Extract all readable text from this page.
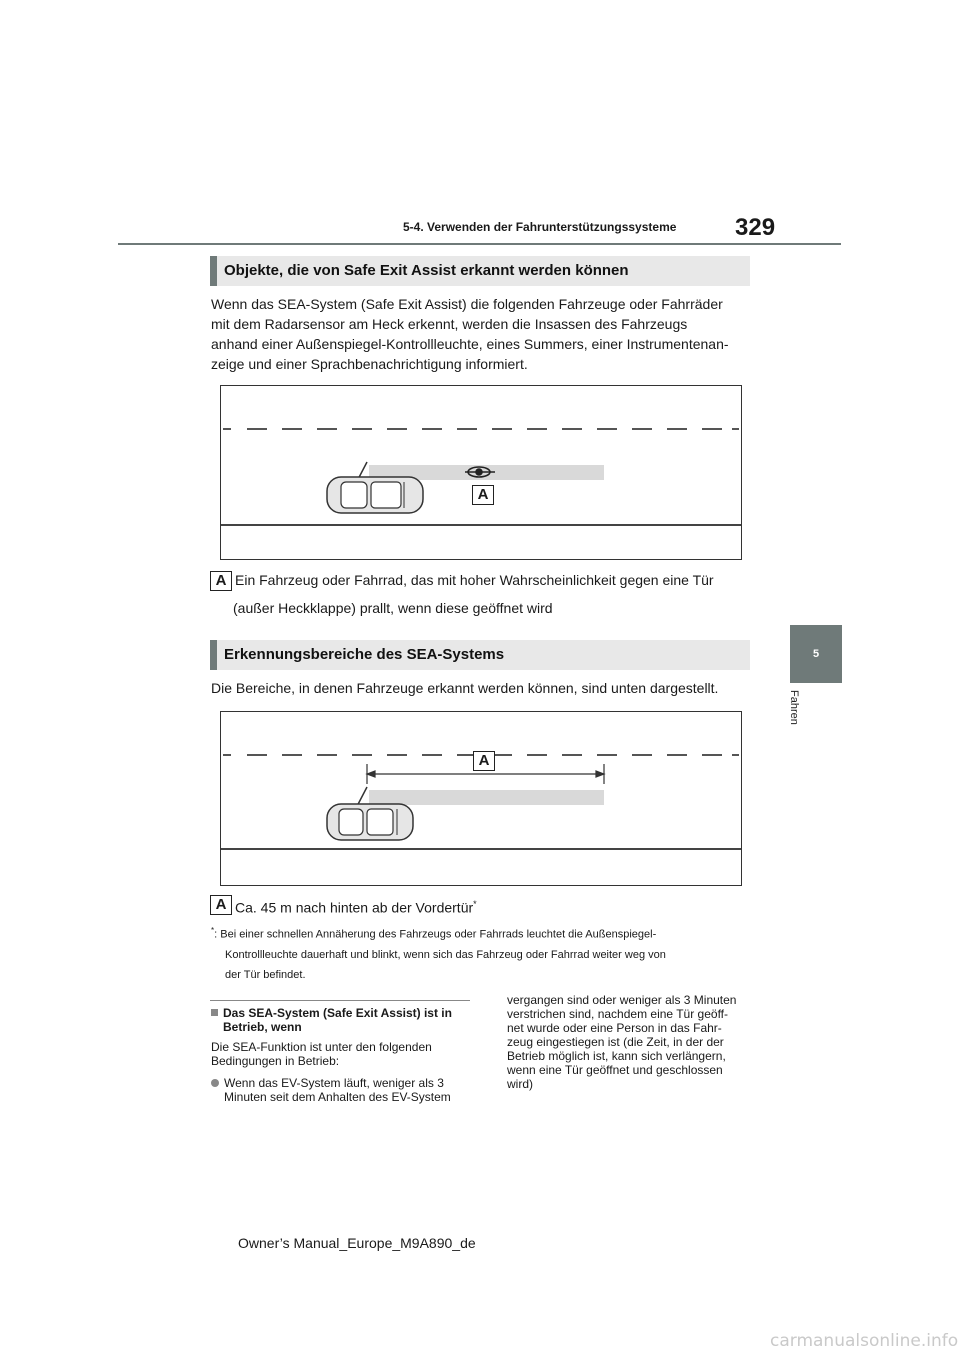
5-4. Verwenden der Fahrunterstützungssysteme 329
5
Fahren
Objekte, die von Safe Exit Assist erkannt werden können
Wenn das SEA-System (Safe Exit Assist) die folgenden Fahrzeuge oder Fahrräder
mit dem Radarsensor am Heck erkennt, werden die Insassen des Fahrzeugs
anhand einer Außenspiegel-Kontrollleuchte, eines Summers, einer Instrumentenan-
zeige und einer Sprachbenachrichtigung informiert.
A
A Ein Fahrzeug oder Fahrrad, das mit hoher Wahrscheinlichkeit gegen eine Tür
(außer Heckklappe) prallt, wenn diese geöffnet wird
Erkennungsbereiche des SEA-Systems
Die Bereiche, in denen Fahrzeuge erkannt werden können, sind unten dargestellt.
A
A Ca. 45 m nach hinten ab der Vordertür*
*: Bei einer schnellen Annäherung des Fahrzeugs oder Fahrrads leuchtet die Außenspiegel-
Kontrollleuchte dauerhaft und blinkt, wenn sich das Fahrzeug oder Fahrrad weiter weg von
der Tür befindet.
Das SEA-System (Safe Exit Assist) ist in
Betrieb, wenn
Die SEA-Funktion ist unter den folgenden
Bedingungen in Betrieb:
Wenn das EV-System läuft, weniger als 3
Minuten seit dem Anhalten des EV-System
vergangen sind oder weniger als 3 Minuten
verstrichen sind, nachdem eine Tür geöff-
net wurde oder eine Person in das Fahr-
zeug eingestiegen ist (die Zeit, in der der
Betrieb möglich ist, kann sich verlängern,
wenn eine Tür geöffnet und geschlossen
wird)
Owner’s Manual_Europe_M9A890_de
carmanualsonline.info
